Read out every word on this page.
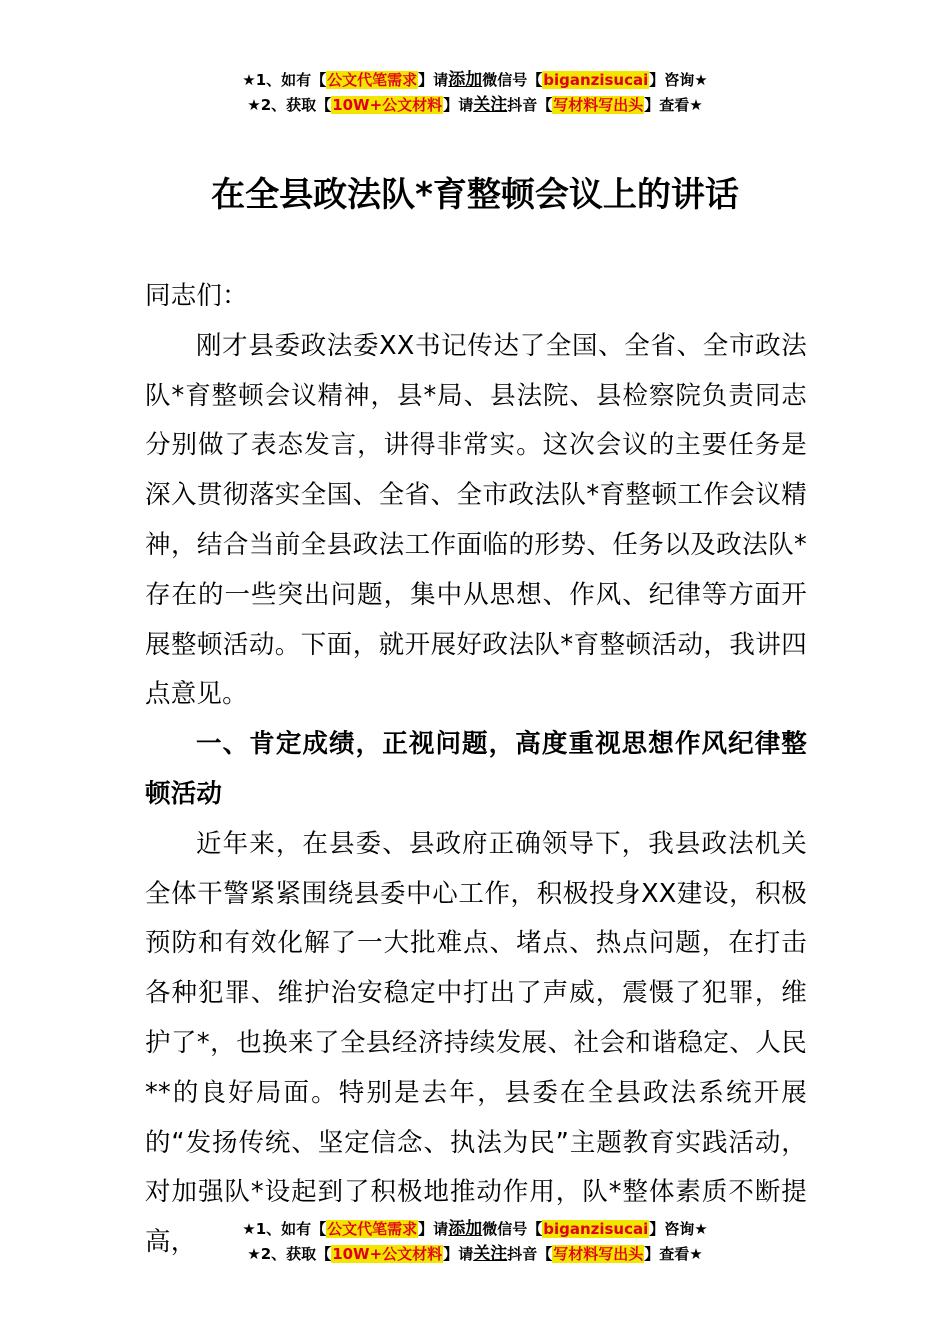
★1、如有【公文代笔需求】请添加微信号【biganzisucai】咨询★
★2、获取【10W+公文材料】请关注抖音【写材料写出头】查看★
在全县政法队*育整顿会议上的讲话

同志们：

刚才县委政法委XX书记传达了全国、全省、全市政法队*育整顿会议精神，县*局、县法院、县检察院负责同志分别做了表态发言，讲得非常实。这次会议的主要任务是深入贯彻落实全国、全省、全市政法队*育整顿工作会议精神，结合当前全县政法工作面临的形势、任务以及政法队*存在的一些突出问题，集中从思想、作风、纪律等方面开展整顿活动。下面，就开展好政法队*育整顿活动，我讲四点意见。

一、肯定成绩，正视问题，高度重视思想作风纪律整顿活动

近年来，在县委、县政府正确领导下，我县政法机关全体干警紧紧围绕县委中心工作，积极投身XX建设，积极预防和有效化解了一大批难点、堵点、热点问题，在打击各种犯罪、维护治安稳定中打出了声威，震慑了犯罪，维护了*，也换来了全县经济持续发展、社会和谐稳定、人民**的良好局面。特别是去年，县委在全县政法系统开展的“发扬传统、坚定信念、执法为民”主题教育实践活动，对加强队*设起到了积极地推动作用，队*整体素质不断提高，	★1、如有【公文代笔需求】请添加微信号【biganzisucai】咨询★
★2、获取【10W+公文材料】请关注抖音【写材料写出头】查看★
